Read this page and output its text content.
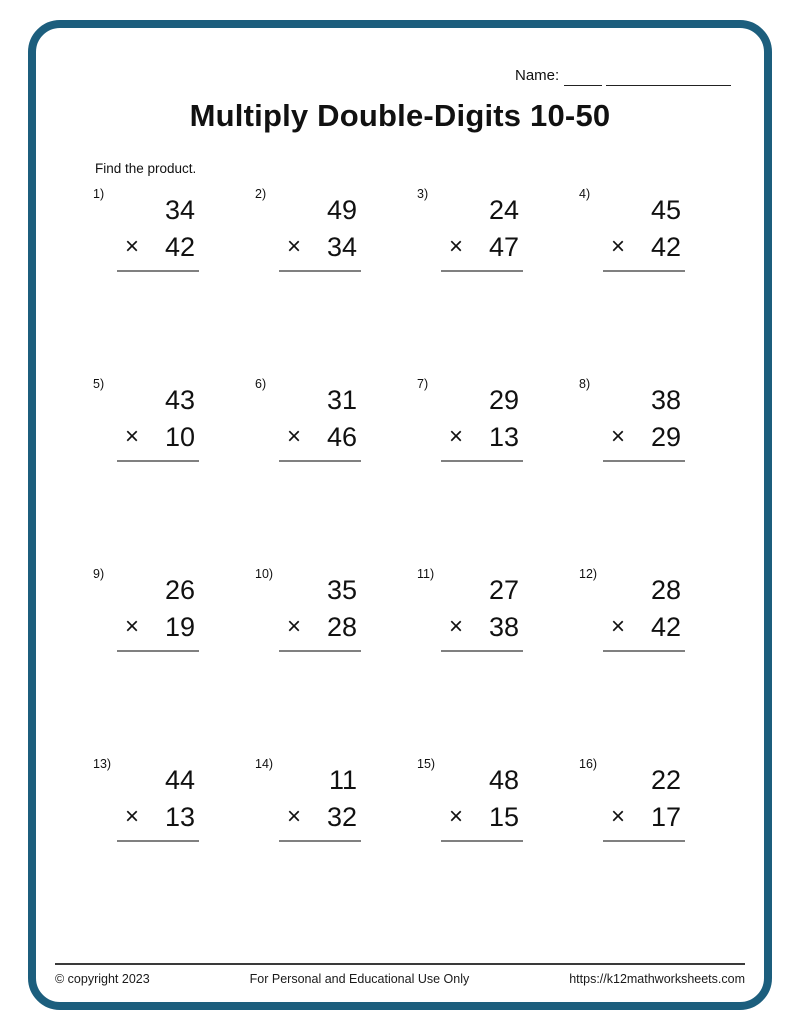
Name:
Multiply Double-Digits 10-50
Find the product.
1)
34
× 42
2)
49
× 34
3)
24
× 47
4)
45
× 42
5)
43
× 10
6)
31
× 46
7)
29
× 13
8)
38
× 29
9)
26
× 19
10)
35
× 28
11)
27
× 38
12)
28
× 42
13)
44
× 13
14)
11
× 32
15)
48
× 15
16)
22
× 17
© copyright 2023	For Personal and Educational Use Only	https://k12mathworksheets.com
